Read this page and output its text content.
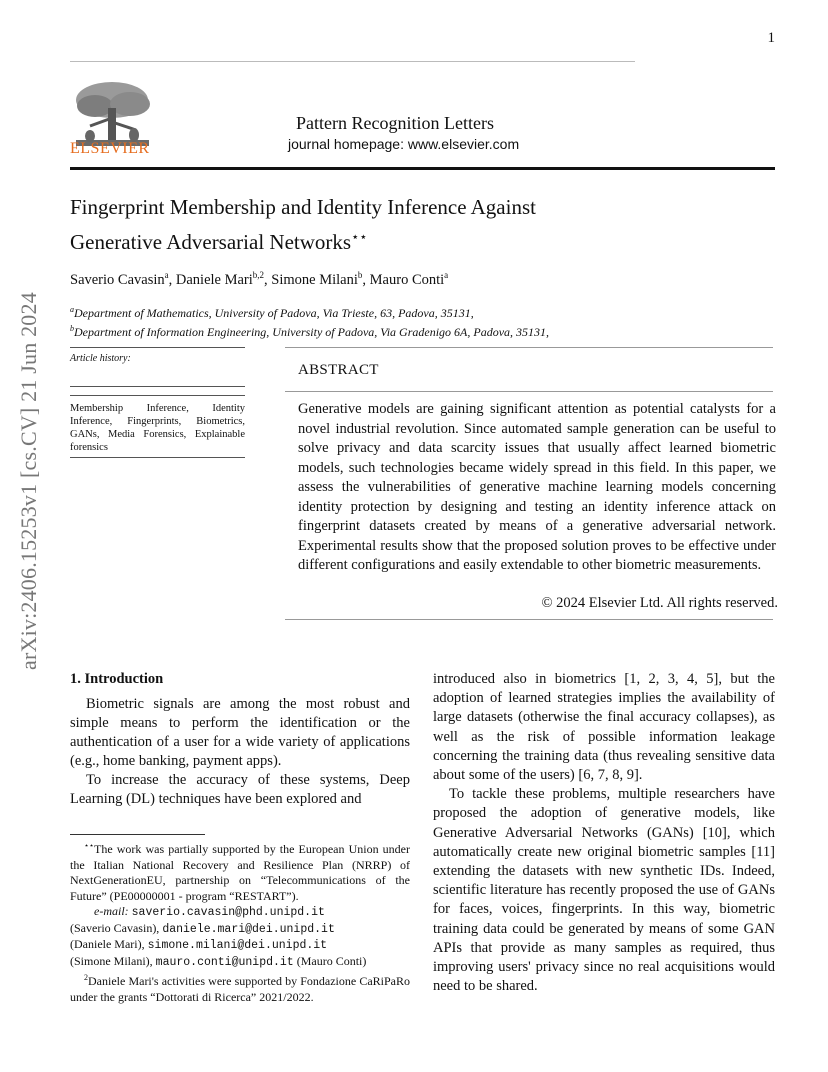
1
ELSEVIER
Pattern Recognition Letters
journal homepage: www.elsevier.com
Fingerprint Membership and Identity Inference Against
Generative Adversarial Networks⋆⋆
Saverio Cavasin$^a$, Daniele Mari$^{b,2}$, Simone Milani$^b$, Mauro Conti$^a$
$^a$Department of Mathematics, University of Padova, Via Trieste, 63, Padova, 35131,
$^b$Department of Information Engineering, University of Padova, Via Gradenigo 6A, Padova, 35131,
Article history:
Membership Inference, Identity Inference, Fingerprints, Biometrics, GANs, Media Forensics, Explainable forensics
ABSTRACT
Generative models are gaining significant attention as potential catalysts for a novel industrial revolution. Since automated sample generation can be useful to solve privacy and data scarcity issues that usually affect learned biometric models, such technologies became widely spread in this field. In this paper, we assess the vulnerabilities of generative machine learning models concerning identity protection by designing and testing an identity inference attack on fingerprint datasets created by means of a generative adversarial network. Experimental results show that the proposed solution proves to be effective under different configurations and easily extendable to other biometric measurements.
© 2024 Elsevier Ltd. All rights reserved.
arXiv:2406.15253v1 [cs.CV] 21 Jun 2024
1. Introduction

Biometric signals are among the most robust and simple means to perform the identification or the authentication of a user for a wide variety of applications (e.g., home banking, payment apps).

To increase the accuracy of these systems, Deep Learning (DL) techniques have been explored and

⋆⋆The work was partially supported by the European Union under the Italian National Recovery and Resilience Plan (NRRP) of NextGenerationEU, partnership on “Telecommunications of the Future” (PE00000001 - program “RESTART”).

e-mail: saverio.cavasin@phd.unipd.it
(Saverio Cavasin), daniele.mari@dei.unipd.it
(Daniele Mari), simone.milani@dei.unipd.it
(Simone Milani), mauro.conti@unipd.it (Mauro Conti)

$^2$Daniele Mari's activities were supported by Fondazione CaRiPaRo under the grants “Dottorati di Ricerca” 2021/2022.

introduced also in biometrics [1, 2, 3, 4, 5], but the adoption of learned strategies implies the availability of large datasets (otherwise the final accuracy collapses), as well as the risk of possible information leakage concerning the training data (thus revealing sensitive data about some of the users) [6, 7, 8, 9].

To tackle these problems, multiple researchers have proposed the adoption of generative models, like Generative Adversarial Networks (GANs) [10], which automatically create new original biometric samples [11] extending the datasets with new synthetic IDs. Indeed, scientific literature has recently proposed the use of GANs for faces, voices, fingerprints. In this way, biometric training data could be generated by means of some GAN APIs that provide as many samples as required, thus improving users' privacy since no real acquisitions would need to be shared.
